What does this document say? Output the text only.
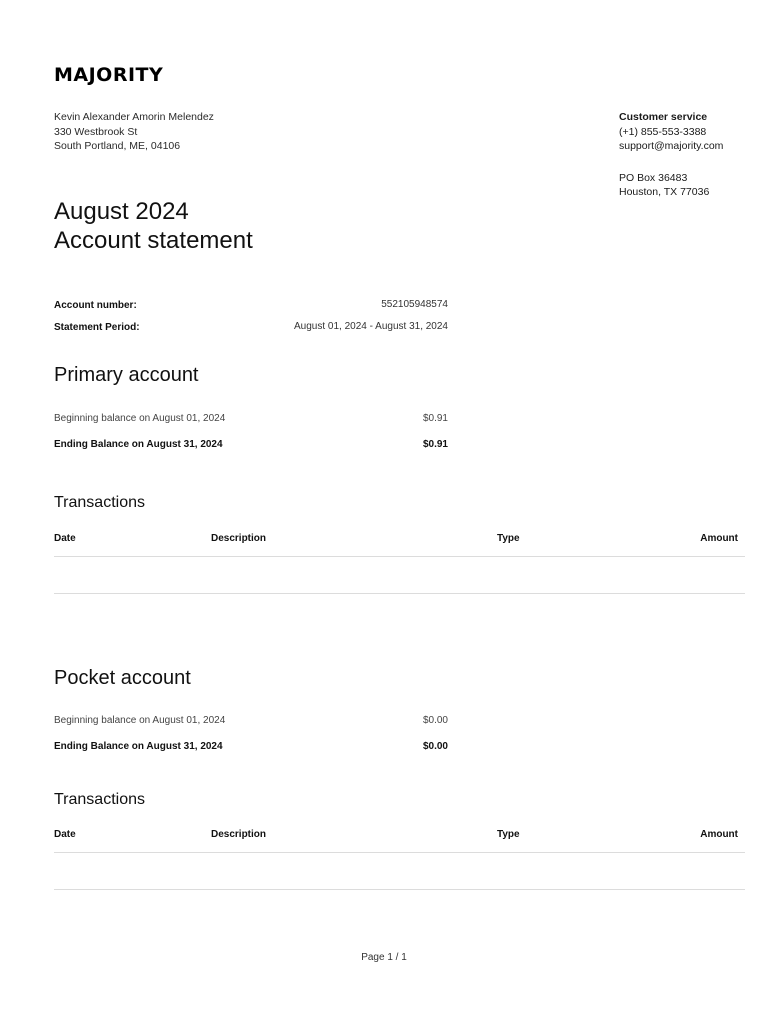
MAJORITY
Kevin Alexander Amorin Melendez
330 Westbrook St
South Portland, ME, 04106
Customer service
(+1) 855-553-3388
support@majority.com
PO Box 36483
Houston, TX 77036
August 2024
Account statement
Account number:	552105948574
Statement Period:	August 01, 2024 - August 31, 2024
Primary account
Beginning balance on August 01, 2024	$0.91
Ending Balance on August 31, 2024	$0.91
Transactions
Date	Description	Type	Amount
Pocket account
Beginning balance on August 01, 2024	$0.00
Ending Balance on August 31, 2024	$0.00
Transactions
Date	Description	Type	Amount
Page 1 / 1
